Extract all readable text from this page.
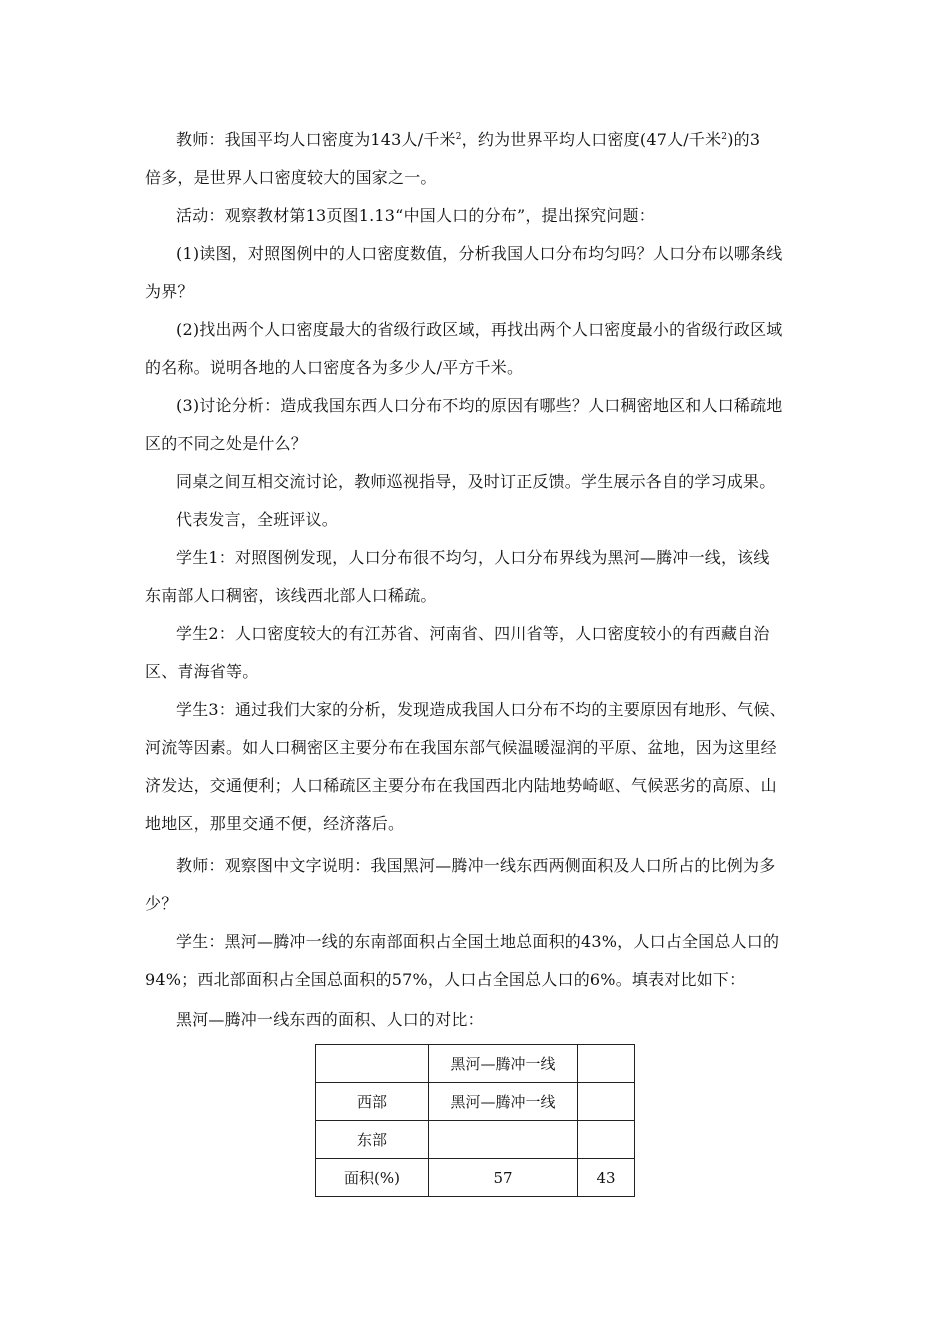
教师：我国平均人口密度为143人/千米$^2$，约为世界平均人口密度(47人/千米$^2$)的3
倍多，是世界人口密度较大的国家之一。
活动：观察教材第13页图1.13“中国人口的分布”，提出探究问题：
(1)读图，对照图例中的人口密度数值，分析我国人口分布均匀吗？人口分布以哪条线
为界？
(2)找出两个人口密度最大的省级行政区域，再找出两个人口密度最小的省级行政区域
的名称。说明各地的人口密度各为多少人/平方千米。
(3)讨论分析：造成我国东西人口分布不均的原因有哪些？人口稠密地区和人口稀疏地
区的不同之处是什么？
同桌之间互相交流讨论，教师巡视指导，及时订正反馈。学生展示各自的学习成果。
代表发言，全班评议。
学生1：对照图例发现，人口分布很不均匀，人口分布界线为黑河—腾冲一线，该线
东南部人口稠密，该线西北部人口稀疏。
学生2：人口密度较大的有江苏省、河南省、四川省等，人口密度较小的有西藏自治
区、青海省等。
学生3：通过我们大家的分析，发现造成我国人口分布不均的主要原因有地形、气候、
河流等因素。如人口稠密区主要分布在我国东部气候温暖湿润的平原、盆地，因为这里经
济发达，交通便利；人口稀疏区主要分布在我国西北内陆地势崎岖、气候恶劣的高原、山
地地区，那里交通不便，经济落后。
教师：观察图中文字说明：我国黑河—腾冲一线东西两侧面积及人口所占的比例为多
少？
学生：黑河—腾冲一线的东南部面积占全国土地总面积的43%，人口占全国总人口的
94%；西北部面积占全国总面积的57%，人口占全国总人口的6%。填表对比如下：
黑河—腾冲一线东西的面积、人口的对比：
	黑河—腾冲一线	
西部	黑河—腾冲一线	
东部		
面积(%)	57	43
